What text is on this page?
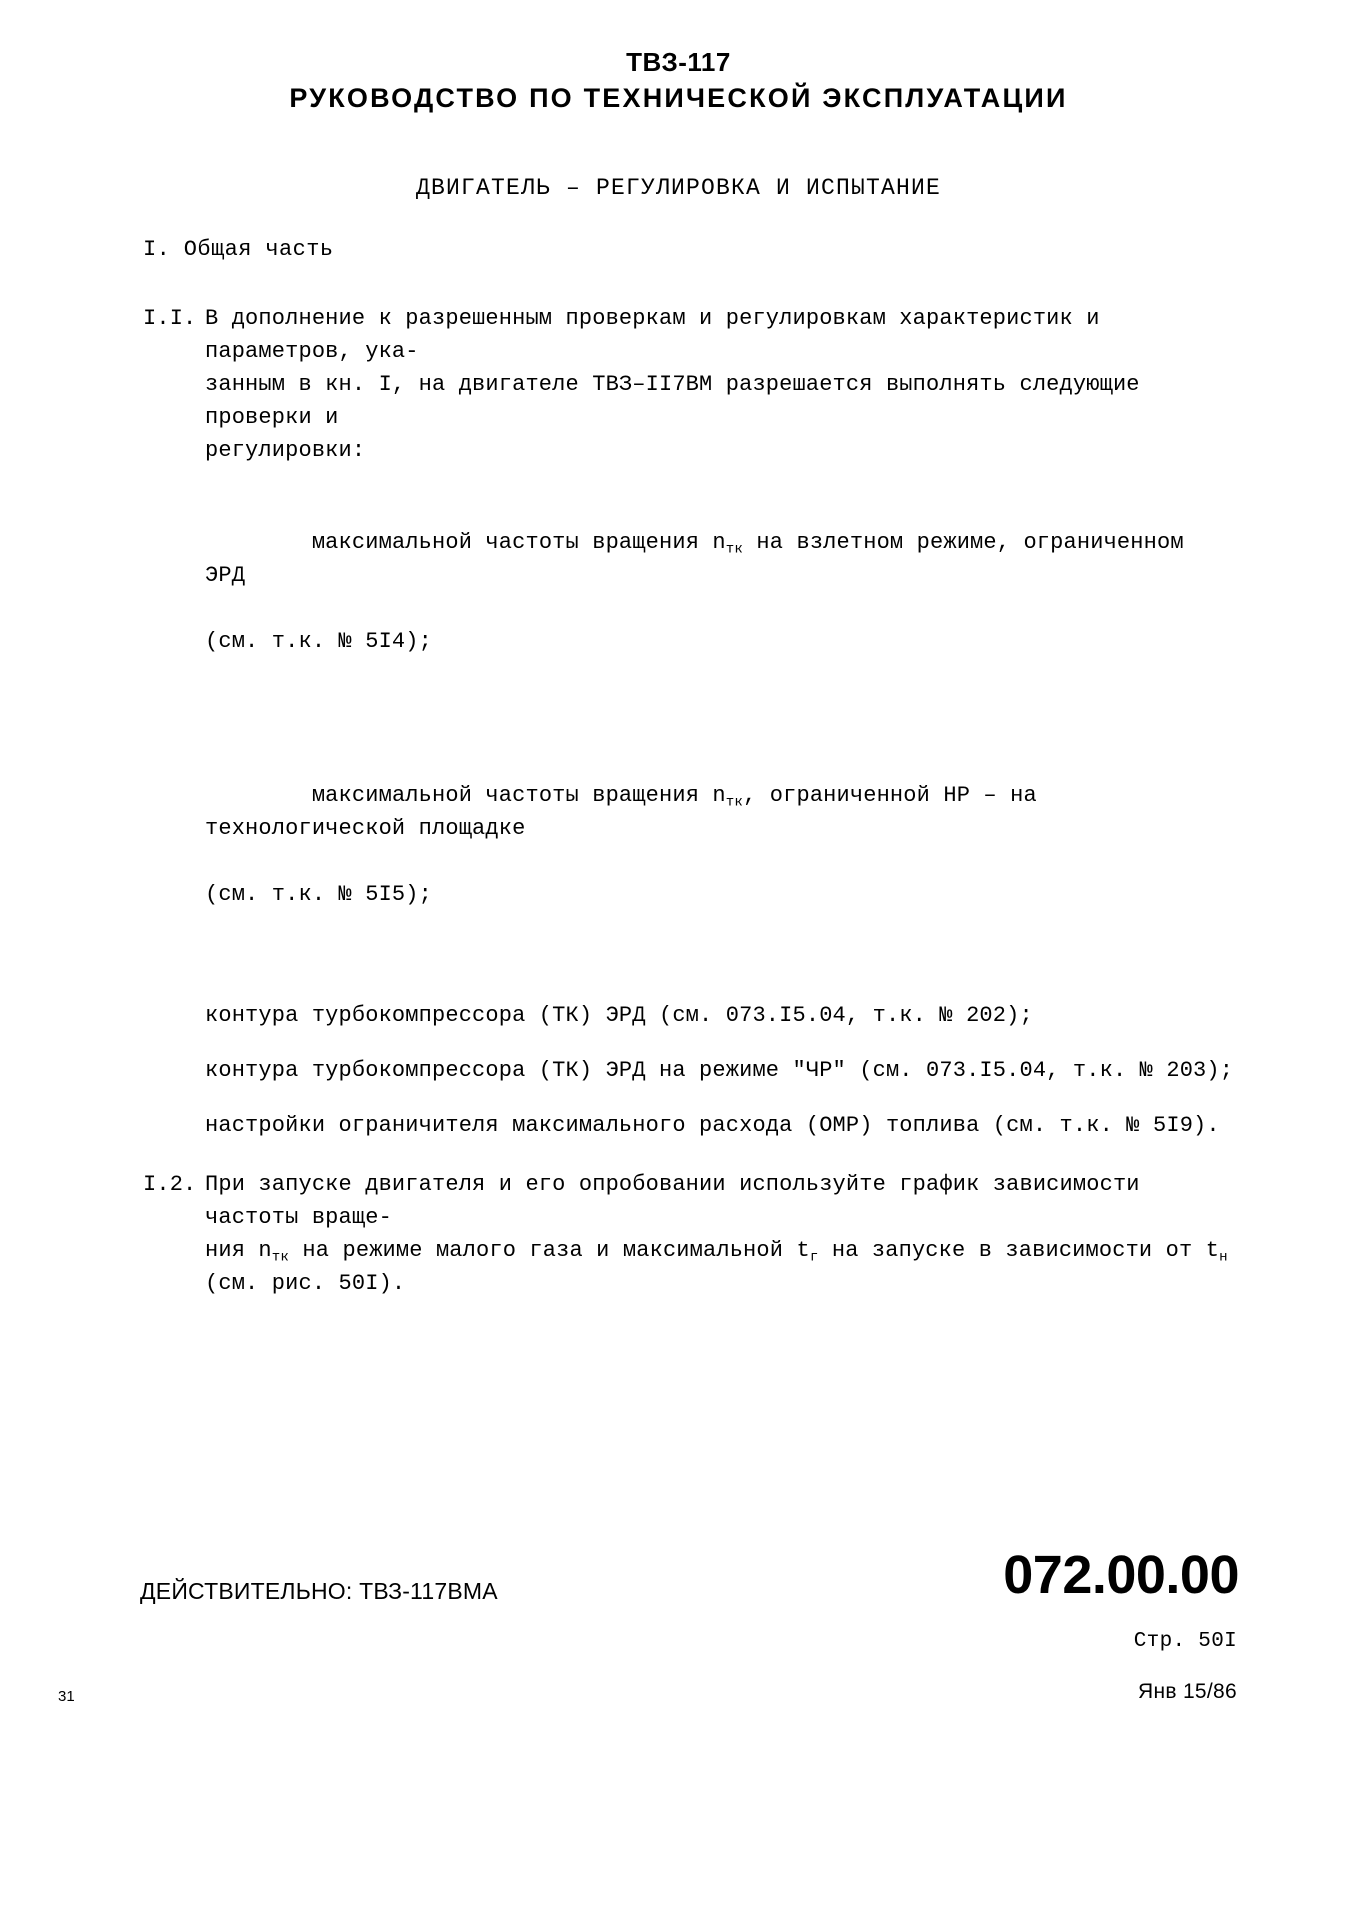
ТВЗ-117
РУКОВОДСТВО ПО ТЕХНИЧЕСКОЙ ЭКСПЛУАТАЦИИ
ДВИГАТЕЛЬ – РЕГУЛИРОВКА И ИСПЫТАНИЕ
I. Общая часть
I.I. В дополнение к разрешенным проверкам и регулировкам характеристик и параметров, ука-
занным в кн. I, на двигателе ТВЗ–II7ВМ разрешается выполнять следующие проверки и
регулировки:

максимальной частоты вращения $n_{тк}$ на взлетном режиме, ограниченном ЭРД

(см. т.к. № 5I4);

максимальной частоты вращения $n_{тк}$, ограниченной НР – на технологической площадке

(см. т.к. № 5I5);

контура турбокомпрессора (ТК) ЭРД (см. 073.I5.04, т.к. № 202);
контура турбокомпрессора (ТК) ЭРД на режиме "ЧР" (см. 073.I5.04, т.к. № 203);
настройки ограничителя максимального расхода (ОМР) топлива (см. т.к. № 5I9).
I.2. При запуске двигателя и его опробовании используйте график зависимости частоты враще-
ния $n_{тк}$ на режиме малого газа и максимальной $t_г$ на запуске в зависимости от $t_н$
(см. рис. 50I).
ДЕЙСТВИТЕЛЬНО: ТВЗ-117ВМА	072.00.00
Стр. 50I
Янв 15/86
31
